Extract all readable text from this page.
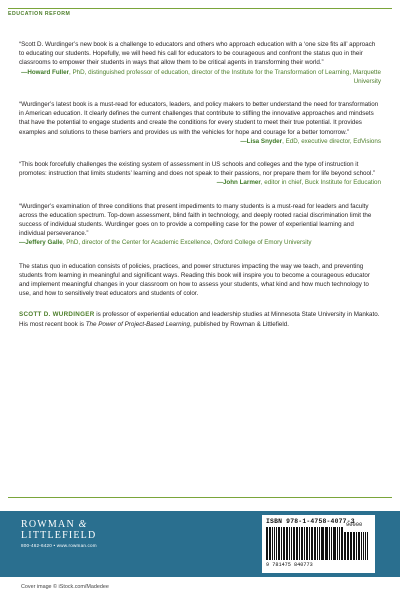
EDUCATION REFORM

“Scott D. Wurdinger’s new book is a challenge to educators and others who approach education with a ‘one size fits all’ approach to educating our students. Hopefully, we will heed his call for educators to be courageous and confront the status quo in their classrooms to empower their students in ways that allow them to be critical agents in transforming their world.”

—Howard Fuller, PhD, distinguished professor of education, director of the Institute for the Transformation of Learning, Marquette University

“Wurdinger’s latest book is a must-read for educators, leaders, and policy makers to better understand the need for transformation in American education. It clearly defines the current challenges that contribute to stifling the innovative approaches and mindsets that have the potential to engage students and create the conditions for every student to meet their true potential. It provides examples and solutions to these barriers and provides us with the vehicles for hope and courage for a better tomorrow.”

—Lisa Snyder, EdD, executive director, EdVisions

“This book forcefully challenges the existing system of assessment in US schools and colleges and the type of instruction it promotes: instruction that limits students’ learning and does not speak to their passions, nor prepare them for life beyond school.”

—John Larmer, editor in chief, Buck Institute for Education

“Wurdinger’s examination of three conditions that present impediments to many students is a must-read for leaders and faculty across the education spectrum. Top-down assessment, blind faith in technology, and deeply rooted racial discrimination limit the success of individual students. Wurdinger goes on to provide a compelling case for the power of experiential learning and individual perseverance.”

—Jeffery Galle, PhD, director of the Center for Academic Excellence, Oxford College of Emory University

The status quo in education consists of policies, practices, and power structures impacting the way we teach, and preventing students from learning in meaningful and significant ways. Reading this book will inspire you to become a courageous educator and implement meaningful changes in your classroom on how to assess your students, what kind and how much technology to use, and how to sensitively treat educators and students of color.

SCOTT D. WURDINGER is professor of experiential education and leadership studies at Minnesota State University in Mankato. His most recent book is The Power of Project-Based Learning, published by Rowman & Littlefield.

ROWMAN &
LITTLEFIELD
800-462-6420 • www.rowman.com
ISBN 978-1-4758-4077-3
90000
9 781475 840773
Cover image © iStock.com/Madedee
